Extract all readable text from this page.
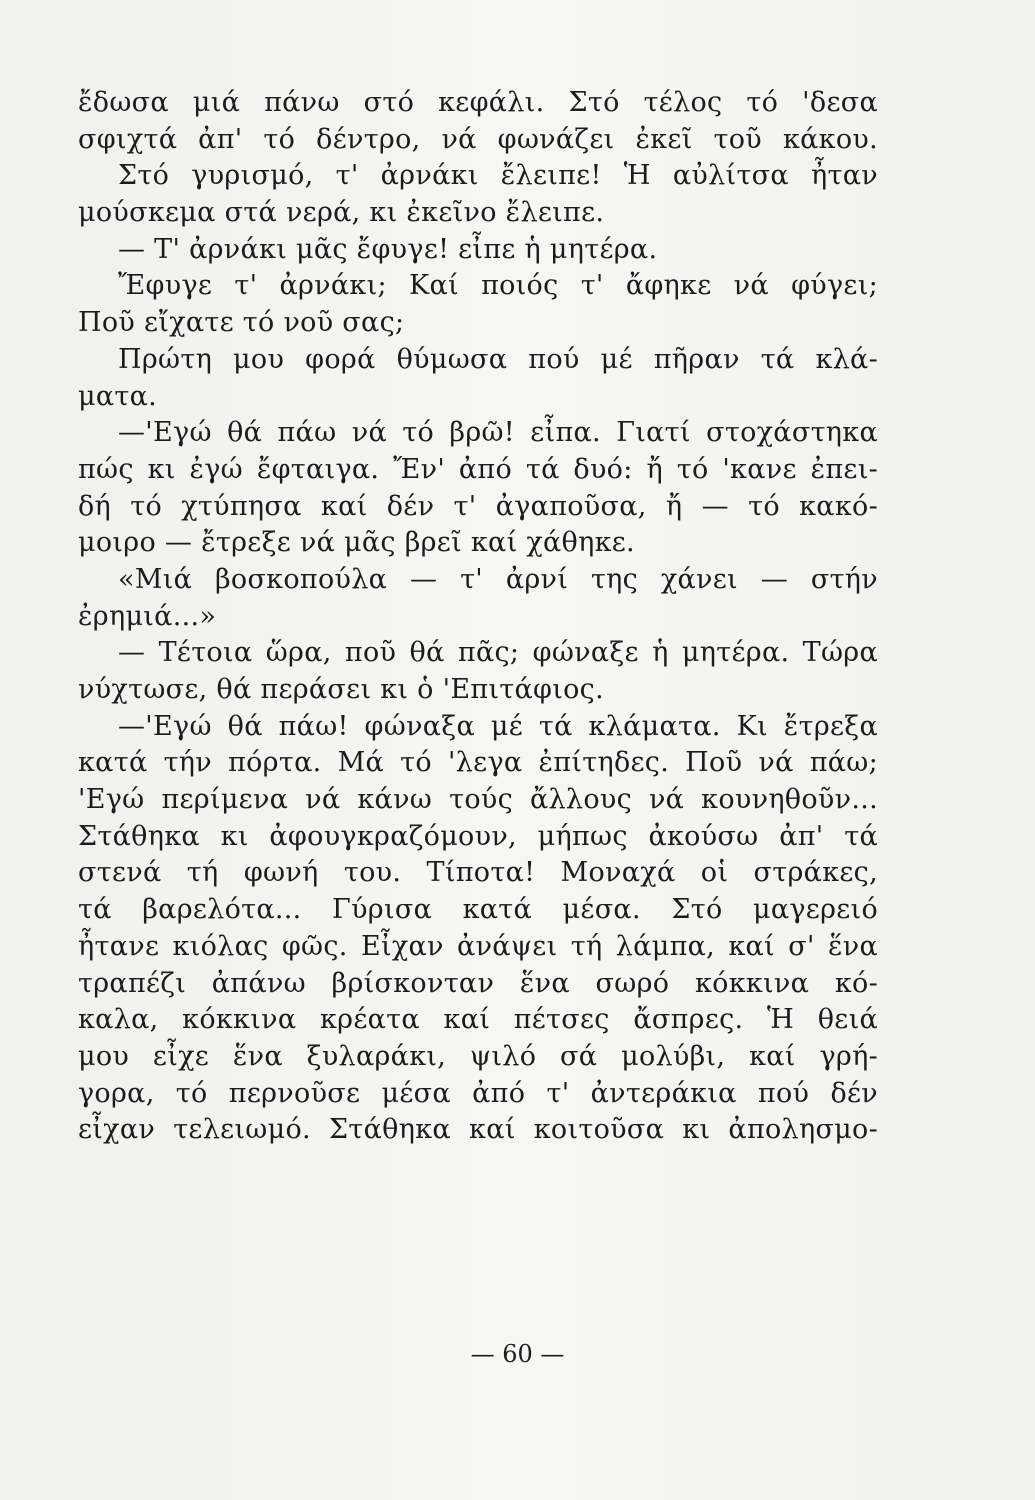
ἔδωσα μιά πάνω στό κεφάλι. Στό τέλος τό 'δεσα
σφιχτά ἀπ' τό δέντρο, νά φωνάζει ἐκεῖ τοῦ κάκου.
Στό γυρισμό, τ' ἀρνάκι ἔλειπε! Ἡ αὐλίτσα ἦταν
μούσκεμα στά νερά, κι ἐκεῖνο ἔλειπε.
— Τ' ἀρνάκι μᾶς ἔφυγε! εἶπε ἡ μητέρα.
Ἔφυγε τ' ἀρνάκι; Καί ποιός τ' ἄφηκε νά φύγει;
Ποῦ εἴχατε τό νοῦ σας;
Πρώτη μου φορά θύμωσα πού μέ πῆραν τά κλά-
ματα.
—'Εγώ θά πάω νά τό βρῶ! εἶπα. Γιατί στοχάστηκα
πώς κι ἐγώ ἔφταιγα. Ἔν' ἀπό τά δυό: ἤ τό 'κανε ἐπει-
δή τό χτύπησα καί δέν τ' ἀγαποῦσα, ἤ — τό κακό-
μοιρο — ἔτρεξε νά μᾶς βρεῖ καί χάθηκε.
«Μιά βοσκοπούλα — τ' ἀρνί της χάνει — στήν
ἐρημιά...»
— Τέτοια ὥρα, ποῦ θά πᾶς; φώναξε ἡ μητέρα. Τώρα
νύχτωσε, θά περάσει κι ὁ 'Επιτάφιος.
—'Εγώ θά πάω! φώναξα μέ τά κλάματα. Κι ἔτρεξα
κατά τήν πόρτα. Μά τό 'λεγα ἐπίτηδες. Ποῦ νά πάω;
'Εγώ περίμενα νά κάνω τούς ἄλλους νά κουνηθοῦν...
Στάθηκα κι ἀφουγκραζόμουν, μήπως ἀκούσω ἀπ' τά
στενά τή φωνή του. Τίποτα! Μοναχά οἱ στράκες,
τά βαρελότα... Γύρισα κατά μέσα. Στό μαγερειό
ἦτανε κιόλας φῶς. Εἶχαν ἀνάψει τή λάμπα, καί σ' ἕνα
τραπέζι ἀπάνω βρίσκονταν ἕνα σωρό κόκκινα κό-
καλα, κόκκινα κρέατα καί πέτσες ἄσπρες. Ἡ θειά
μου εἶχε ἕνα ξυλαράκι, ψιλό σά μολύβι, καί γρή-
γορα, τό περνοῦσε μέσα ἀπό τ' ἀντεράκια πού δέν
εἶχαν τελειωμό. Στάθηκα καί κοιτοῦσα κι ἀπολησμο-
— 60 —
